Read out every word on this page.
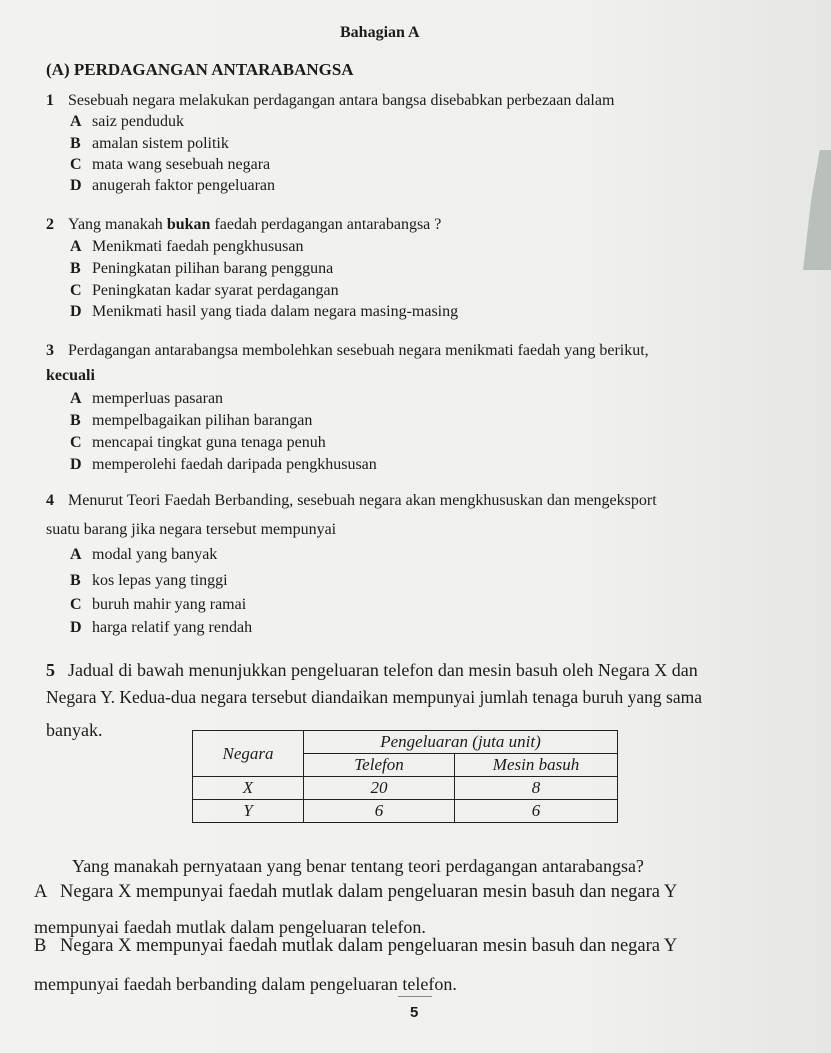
Bahagian A
(A) PERDAGANGAN ANTARABANGSA
1 Sesebuah negara melakukan perdagangan antara bangsa disebabkan perbezaan dalam
A saiz penduduk
B amalan sistem politik
C mata wang sesebuah negara
D anugerah faktor pengeluaran
2 Yang manakah bukan faedah perdagangan antarabangsa ?
A Menikmati faedah pengkhususan
B Peningkatan pilihan barang pengguna
C Peningkatan kadar syarat perdagangan
D Menikmati hasil yang tiada dalam negara masing-masing
3 Perdagangan antarabangsa membolehkan sesebuah negara menikmati faedah yang berikut,
kecuali
A memperluas pasaran
B mempelbagaikan pilihan barangan
C mencapai tingkat guna tenaga penuh
D memperolehi faedah daripada pengkhususan
4 Menurut Teori Faedah Berbanding, sesebuah negara akan mengkhususkan dan mengeksport
suatu barang jika negara tersebut mempunyai
A modal yang banyak
B kos lepas yang tinggi
C buruh mahir yang ramai
D harga relatif yang rendah
5 Jadual di bawah menunjukkan pengeluaran telefon dan mesin basuh oleh Negara X dan
Negara Y. Kedua-dua negara tersebut diandaikan mempunyai jumlah tenaga buruh yang sama
banyak.
Negara	Pengeluaran (juta unit)	
	Telefon	Mesin basuh
X	20	8
Y	6	6
Yang manakah pernyataan yang benar tentang teori perdagangan antarabangsa?
A Negara X mempunyai faedah mutlak dalam pengeluaran mesin basuh dan negara Y
mempunyai faedah mutlak dalam pengeluaran telefon.
B Negara X mempunyai faedah mutlak dalam pengeluaran mesin basuh dan negara Y
mempunyai faedah berbanding dalam pengeluaran telefon.
5
